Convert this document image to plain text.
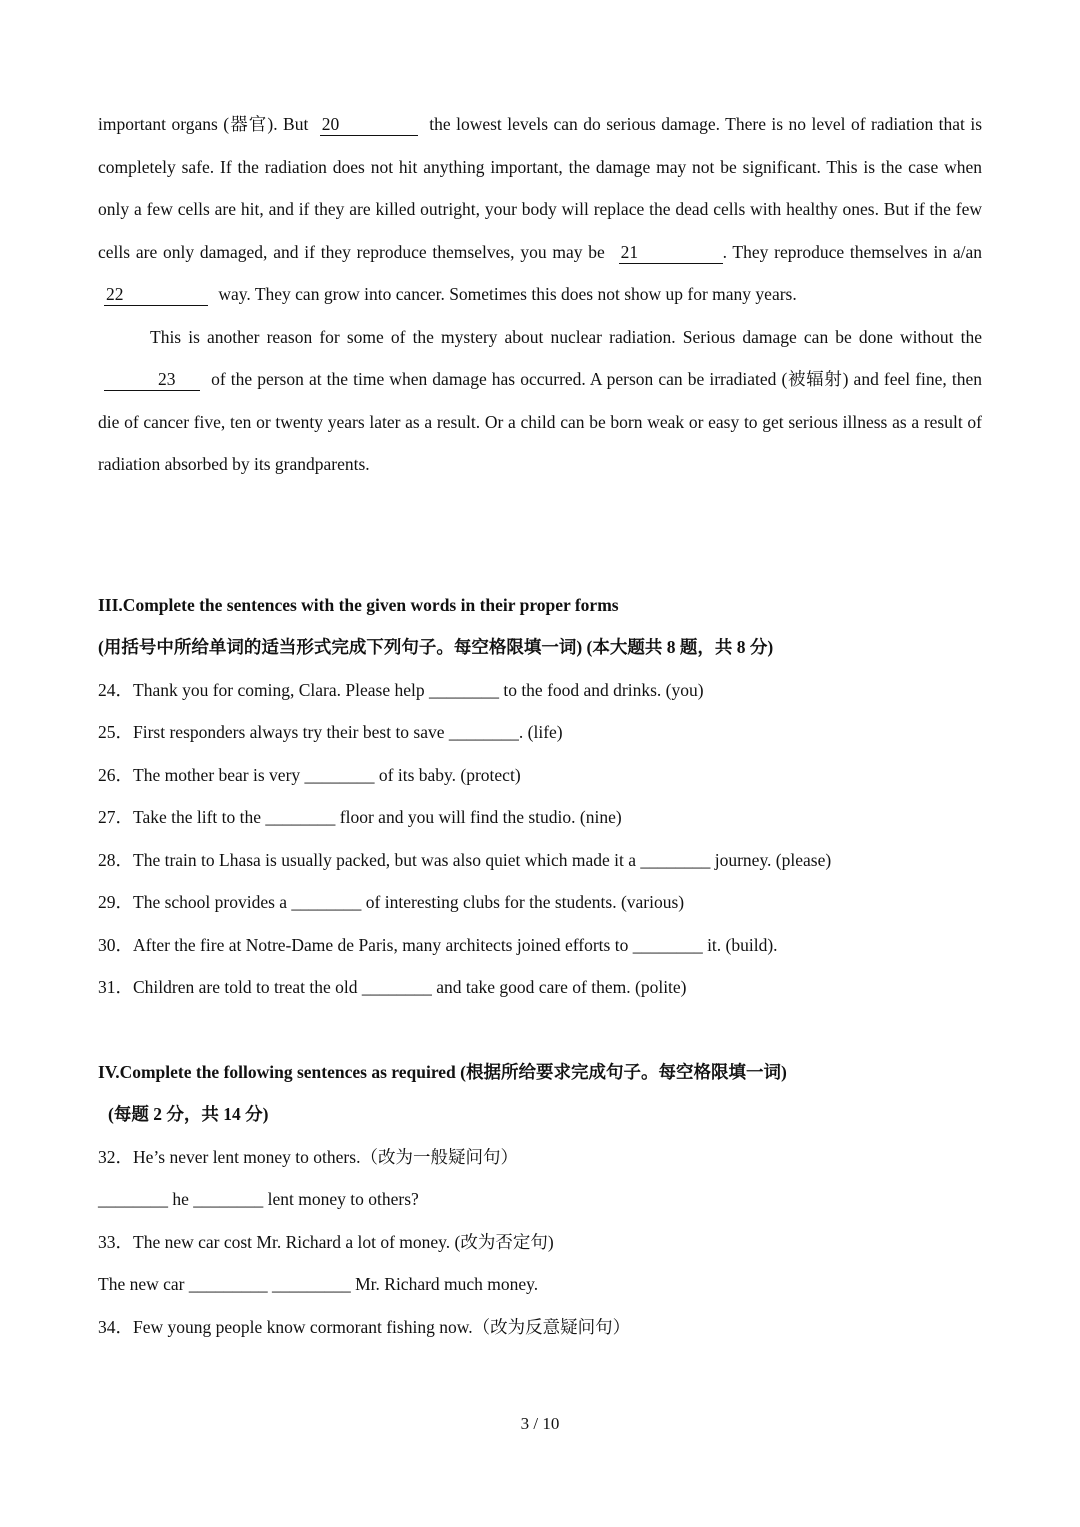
important organs (器官). But 20	the lowest levels can do serious damage. There is no level of radiation that is completely safe. If the radiation does not hit anything important, the damage may not be significant. This is the case when only a few cells are hit, and if they are killed outright, your body will replace the dead cells with healthy ones. But if the few cells are only damaged, and if they reproduce themselves, you may be 21	. They reproduce themselves in a/an 22	way. They can grow into cancer. Sometimes this does not show up for many years.

This is another reason for some of the mystery about nuclear radiation. Serious damage can be done without the 23 of the person at the time when damage has occurred. A person can be irradiated (被辐射) and feel fine, then die of cancer five, ten or twenty years later as a result. Or a child can be born weak or easy to get serious illness as a result of radiation absorbed by its grandparents.

III.Complete the sentences with the given words in their proper forms

(用括号中所给单词的适当形式完成下列句子。每空格限填一词) (本大题共 8 题，共 8 分)

24．Thank you for coming, Clara. Please help ________ to the food and drinks. (you)

25．First responders always try their best to save ________. (life)

26．The mother bear is very ________ of its baby. (protect)

27．Take the lift to the ________ floor and you will find the studio. (nine)

28．The train to Lhasa is usually packed, but was also quiet which made it a ________ journey. (please)

29．The school provides a ________ of interesting clubs for the students. (various)

30．After the fire at Notre-Dame de Paris, many architects joined efforts to ________ it. (build).

31．Children are told to treat the old ________ and take good care of them. (polite)

IV.Complete the following sentences as required (根据所给要求完成句子。每空格限填一词)

(每题 2 分，共 14 分)

32．He’s never lent money to others.（改为一般疑问句）

________ he ________ lent money to others?

33．The new car cost Mr. Richard a lot of money. (改为否定句)

The new car _________ _________ Mr. Richard much money.

34．Few young people know cormorant fishing now.（改为反意疑问句）

3 / 10
